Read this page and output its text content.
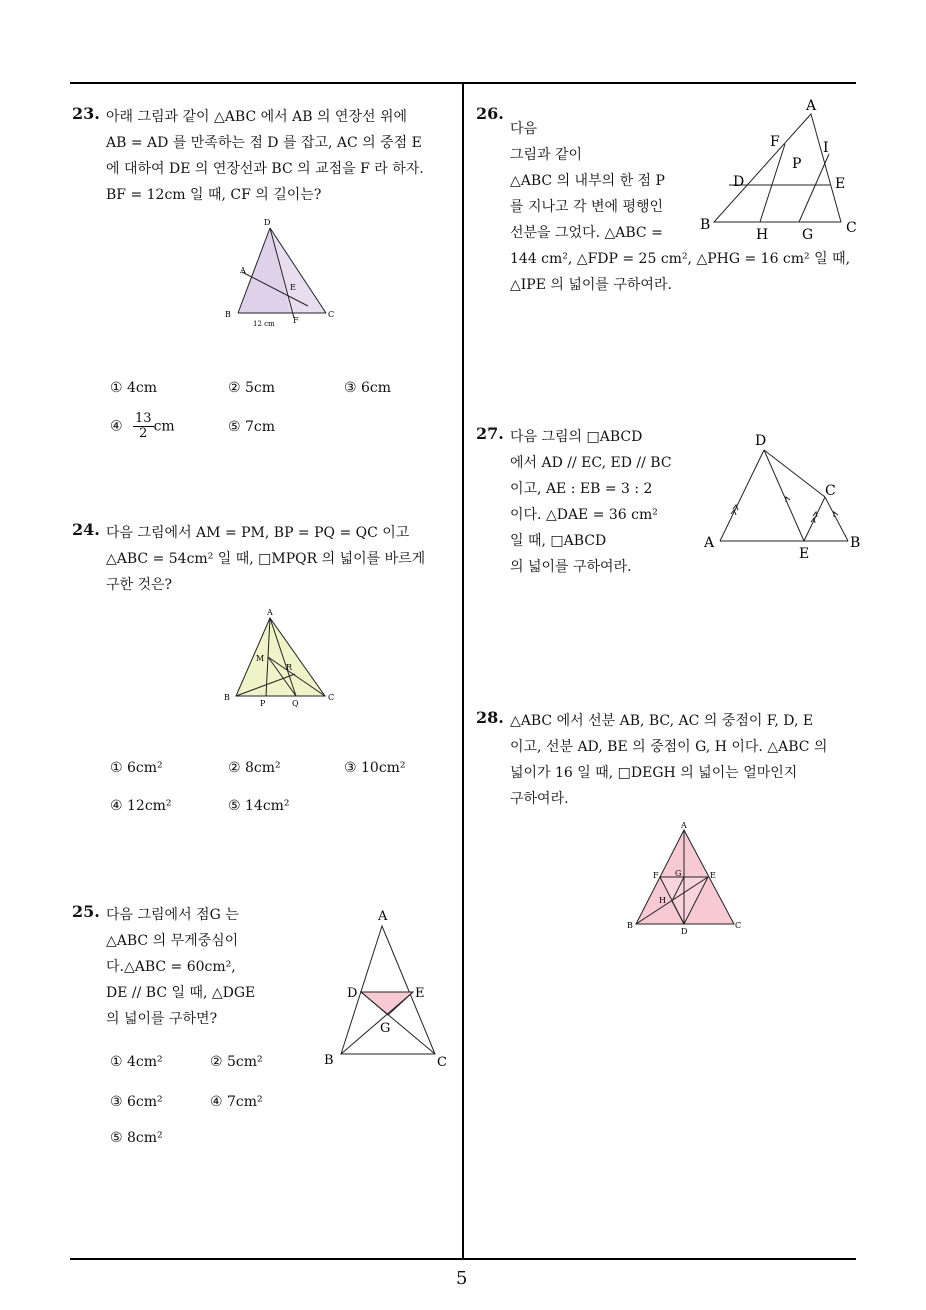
5
23. 아래 그림과 같이 △ABC 에서 AB 의 연장선 위에
AB = AD 를 만족하는 점 D 를 잡고, AC 의 중점 E
에 대하여 DE 의 연장선과 BC 의 교점을 F 라 하자.
BF = 12cm 일 때, CF 의 길이는?
D
A
E
B	C
F
12 cm
① 4cm	② 5cm	③ 6cm
④ $\frac{13}{2}$ cm	⑤ 7cm
24. 다음 그림에서 AM = PM, BP = PQ = QC 이고
△ABC = 54cm² 일 때, □MPQR 의 넓이를 바르게
구한 것은?
A
M
R
B
P	Q
C
① 6cm²	② 8cm²	③ 10cm²
④ 12cm²	⑤ 14cm²
25. 다음 그림에서 점G 는
△ABC 의 무게중심이
다.△ABC = 60cm²,
DE // BC 일 때, △DGE
의 넓이를 구하면?
A
D	E
G
B	C
① 4cm²	② 5cm²
③ 6cm²	④ 7cm²
⑤ 8cm²
26.
다음
그림과 같이
△ABC 의 내부의 한 점 P
를 지나고 각 변에 평행인
선분을 그었다. △ABC =
144 cm², △FDP = 25 cm², △PHG = 16 cm² 일 때,
△IPE 의 넓이를 구하여라.
A
F	I
P
D	E
B
H G C
27. 다음 그림의 □ABCD
에서 AD // EC, ED // BC
이고, AE : EB = 3 : 2
이다. △DAE = 36 cm²
일 때, □ABCD
의 넓이를 구하여라.
D
C
A
E
B
28. △ABC 에서 선분 AB, BC, AC 의 중점이 F, D, E
이고, 선분 AD, BE 의 중점이 G, H 이다. △ABC 의
넓이가 16 일 때, □DEGH 의 넓이는 얼마인지
구하여라.
A
F G	E
H
B
D
C
